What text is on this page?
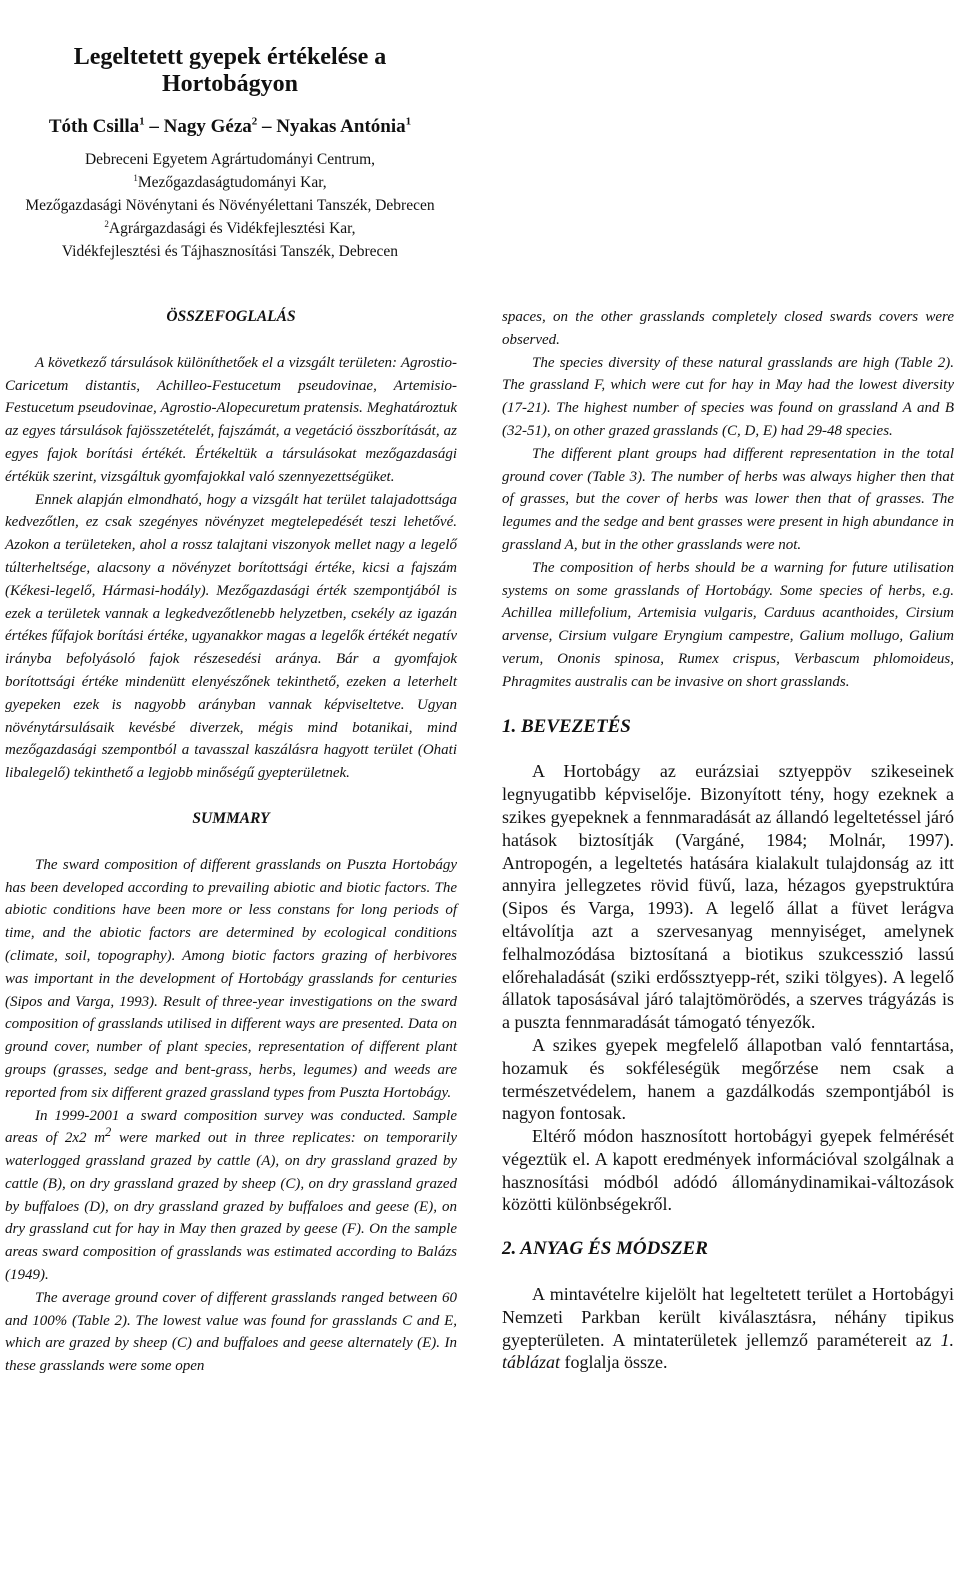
Legeltetett gyepek értékelése a Hortobágyon
Tóth Csilla$^1$ – Nagy Géza$^2$ – Nyakas Antónia$^1$
Debreceni Egyetem Agrártudományi Centrum,
$^1$Mezőgazdaságtudományi Kar,
Mezőgazdasági Növénytani és Növényélettani Tanszék, Debrecen
$^2$Agrárgazdasági és Vidékfejlesztési Kar,
Vidékfejlesztési és Tájhasznosítási Tanszék, Debrecen

ÖSSZEFOGLALÁS

A következő társulások különíthetőek el a vizsgált területen: Agrostio-Caricetum distantis, Achilleo-Festucetum pseudovinae, Artemisio-Festucetum pseudovinae, Agrostio-Alopecuretum pratensis. Meghatároztuk az egyes társulások fajösszetételét, fajszámát, a vegetáció összborítását, az egyes fajok borítási értékét. Értékeltük a társulásokat mezőgazdasági értékük szerint, vizsgáltuk gyomfajokkal való szennyezettségüket.

Ennek alapján elmondható, hogy a vizsgált hat terület talajadottsága kedvezőtlen, ez csak szegényes növényzet megtelepedését teszi lehetővé. Azokon a területeken, ahol a rossz talajtani viszonyok mellet nagy a legelő túlterheltsége, alacsony a növényzet borítottsági értéke, kicsi a fajszám (Kékesi-legelő, Hármasi-hodály). Mezőgazdasági érték szempontjából is ezek a területek vannak a legkedvezőtlenebb helyzetben, csekély az igazán értékes fűfajok borítási értéke, ugyanakkor magas a legelők értékét negatív irányba befolyásoló fajok részesedési aránya. Bár a gyomfajok borítottsági értéke mindenütt elenyészőnek tekinthető, ezeken a leterhelt gyepeken ezek is nagyobb arányban vannak képviseltetve. Ugyan növénytársulásaik kevésbé diverzek, mégis mind botanikai, mind mezőgazdasági szempontból a tavasszal kaszálásra hagyott terület (Ohati libalegelő) tekinthető a legjobb minőségű gyepterületnek.

SUMMARY

The sward composition of different grasslands on Puszta Hortobágy has been developed according to prevailing abiotic and biotic factors. The abiotic conditions have been more or less constans for long periods of time, and the abiotic factors are determined by ecological conditions (climate, soil, topography). Among biotic factors grazing of herbivores was important in the development of Hortobágy grasslands for centuries (Sipos and Varga, 1993). Result of three-year investigations on the sward composition of grasslands utilised in different ways are presented. Data on ground cover, number of plant species, representation of different plant groups (grasses, sedge and bent-grass, herbs, legumes) and weeds are reported from six different grazed grassland types from Puszta Hortobágy.

In 1999-2001 a sward composition survey was conducted. Sample areas of 2x2 $m^2$ were marked out in three replicates: on temporarily waterlogged grassland grazed by cattle (A), on dry grassland grazed by cattle (B), on dry grassland grazed by sheep (C), on dry grassland grazed by buffaloes (D), on dry grassland grazed by buffaloes and geese (E), on dry grassland cut for hay in May then grazed by geese (F). On the sample areas sward composition of grasslands was estimated according to Balázs (1949).

The average ground cover of different grasslands ranged between 60 and 100% (Table 2). The lowest value was found for grasslands C and E, which are grazed by sheep (C) and buffaloes and geese alternately (E). In these grasslands were some open

spaces, on the other grasslands completely closed swards covers were observed.

The species diversity of these natural grasslands are high (Table 2). The grassland F, which were cut for hay in May had the lowest diversity (17-21). The highest number of species was found on grassland A and B (32-51), on other grazed grasslands (C, D, E) had 29-48 species.

The different plant groups had different representation in the total ground cover (Table 3). The number of herbs was always higher then that of grasses, but the cover of herbs was lower then that of grasses. The legumes and the sedge and bent grasses were present in high abundance in grassland A, but in the other grasslands were not.

The composition of herbs should be a warning for future utilisation systems on some grasslands of Hortobágy. Some species of herbs, e.g. Achillea millefolium, Artemisia vulgaris, Carduus acanthoides, Cirsium arvense, Cirsium vulgare Eryngium campestre, Galium mollugo, Galium verum, Ononis spinosa, Rumex crispus, Verbascum phlomoideus, Phragmites australis can be invasive on short grasslands.

1. BEVEZETÉS

A Hortobágy az eurázsiai sztyeppöv szikeseinek legnyugatibb képviselője. Bizonyított tény, hogy ezeknek a szikes gyepeknek a fennmaradását az állandó legeltetéssel járó hatások biztosítják (Vargáné, 1984; Molnár, 1997). Antropogén, a legeltetés hatására kialakult tulajdonság az itt annyira jellegzetes rövid füvű, laza, hézagos gyepstruktúra (Sipos és Varga, 1993). A legelő állat a füvet lerágva eltávolítja azt a szervesanyag mennyiséget, amelynek felhalmozódása biztosítaná a biotikus szukcesszió lassú előrehaladását (sziki erdőssztyepp-rét, sziki tölgyes). A legelő állatok taposásával járó talajtömörödés, a szerves trágyázás is a puszta fennmaradását támogató tényezők.

A szikes gyepek megfelelő állapotban való fenntartása, hozamuk és sokféleségük megőrzése nem csak a természetvédelem, hanem a gazdálkodás szempontjából is nagyon fontosak.

Eltérő módon hasznosított hortobágyi gyepek felmérését végeztük el. A kapott eredmények információval szolgálnak a hasznosítási módból adódó állománydinamikai-változások közötti különbségekről.

2. ANYAG ÉS MÓDSZER

A mintavételre kijelölt hat legeltetett terület a Hortobágyi Nemzeti Parkban került kiválasztásra, néhány tipikus gyepterületen. A mintaterületek jellemző paramétereit az 1. táblázat foglalja össze.
